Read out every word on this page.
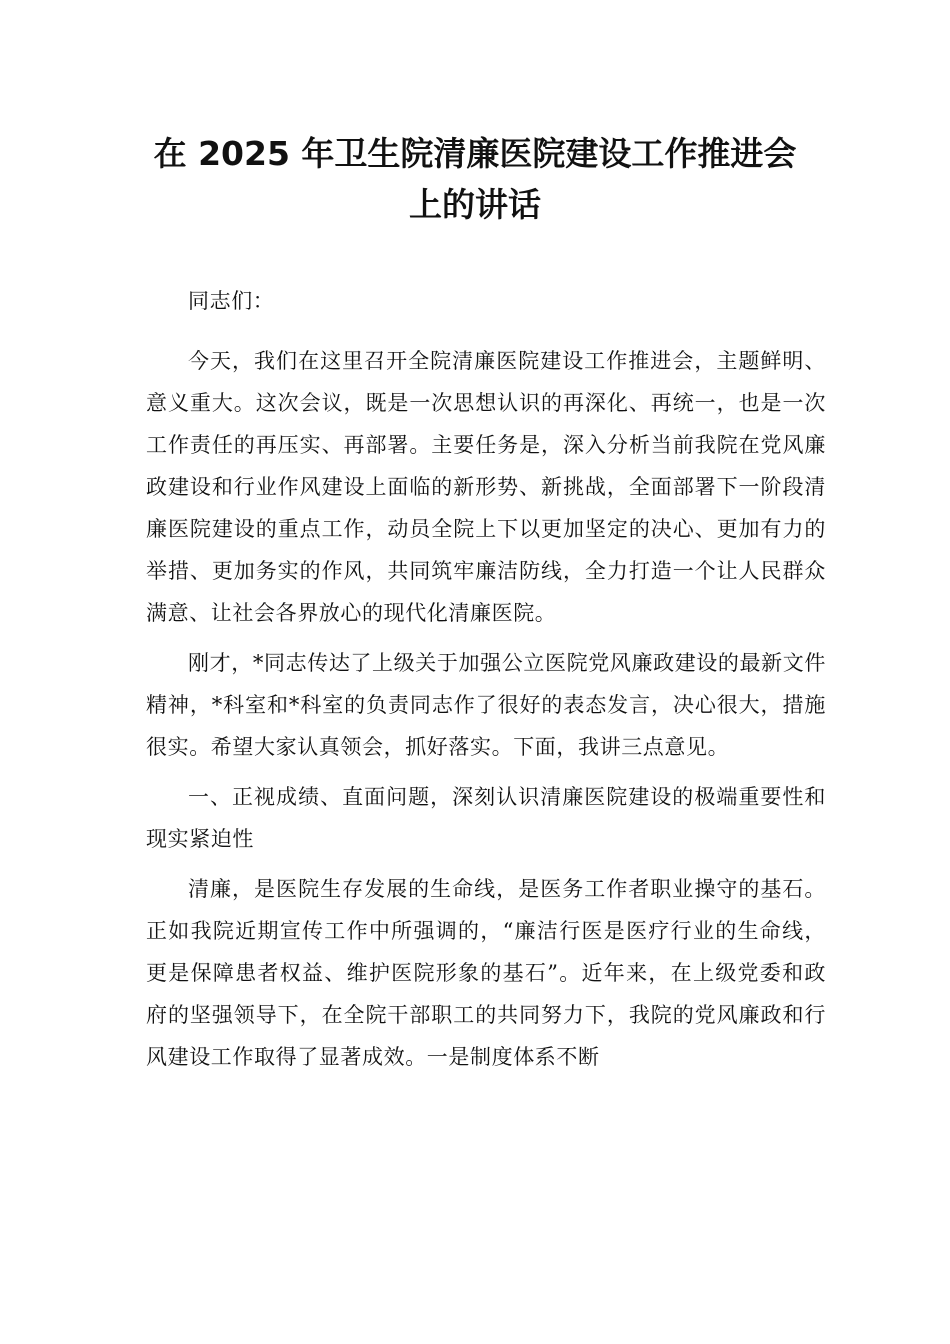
在 2025 年卫生院清廉医院建设工作推进会
上的讲话

同志们：

今天，我们在这里召开全院清廉医院建设工作推进会，主题鲜明、意义重大。这次会议，既是一次思想认识的再深化、再统一，也是一次工作责任的再压实、再部署。主要任务是，深入分析当前我院在党风廉政建设和行业作风建设上面临的新形势、新挑战，全面部署下一阶段清廉医院建设的重点工作，动员全院上下以更加坚定的决心、更加有力的举措、更加务实的作风，共同筑牢廉洁防线，全力打造一个让人民群众满意、让社会各界放心的现代化清廉医院。

刚才，*同志传达了上级关于加强公立医院党风廉政建设的最新文件精神，*科室和*科室的负责同志作了很好的表态发言，决心很大，措施很实。希望大家认真领会，抓好落实。下面，我讲三点意见。

一、正视成绩、直面问题，深刻认识清廉医院建设的极端重要性和现实紧迫性

清廉，是医院生存发展的生命线，是医务工作者职业操守的基石。正如我院近期宣传工作中所强调的，“廉洁行医是医疗行业的生命线，更是保障患者权益、维护医院形象的基石”。近年来，在上级党委和政府的坚强领导下，在全院干部职工的共同努力下，我院的党风廉政和行风建设工作取得了显著成效。一是制度体系不断
